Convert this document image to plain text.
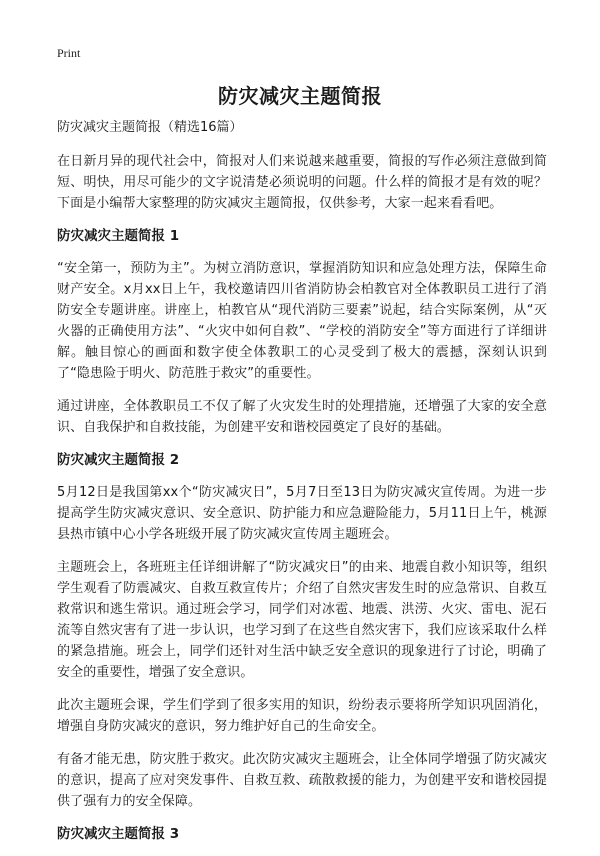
Print
防灾减灾主题简报

防灾减灾主题简报（精选16篇）

在日新月异的现代社会中，简报对人们来说越来越重要，简报的写作必须注意做到简短、明快，用尽可能少的文字说清楚必须说明的问题。什么样的简报才是有效的呢？下面是小编帮大家整理的防灾减灾主题简报，仅供参考，大家一起来看看吧。

防灾减灾主题简报 1

“安全第一，预防为主”。为树立消防意识，掌握消防知识和应急处理方法，保障生命财产安全。x月xx日上午，我校邀请四川省消防协会柏教官对全体教职员工进行了消防安全专题讲座。讲座上，柏教官从“现代消防三要素”说起，结合实际案例，从“灭火器的正确使用方法”、“火灾中如何自救”、“学校的消防安全”等方面进行了详细讲解。触目惊心的画面和数字使全体教职工的心灵受到了极大的震撼，深刻认识到了“隐患险于明火、防范胜于救灾”的重要性。

通过讲座，全体教职员工不仅了解了火灾发生时的处理措施，还增强了大家的安全意识、自我保护和自救技能，为创建平安和谐校园奠定了良好的基础。

防灾减灾主题简报 2

5月12日是我国第xx个“防灾减灾日”，5月7日至13日为防灾减灾宣传周。为进一步提高学生防灾减灾意识、安全意识、防护能力和应急避险能力，5月11日上午，桃源县热市镇中心小学各班级开展了防灾减灾宣传周主题班会。

主题班会上，各班班主任详细讲解了“防灾减灾日”的由来、地震自救小知识等，组织学生观看了防震减灾、自救互救宣传片；介绍了自然灾害发生时的应急常识、自救互救常识和逃生常识。通过班会学习，同学们对冰雹、地震、洪涝、火灾、雷电、泥石流等自然灾害有了进一步认识，也学习到了在这些自然灾害下，我们应该采取什么样的紧急措施。班会上，同学们还针对生活中缺乏安全意识的现象进行了讨论，明确了安全的重要性，增强了安全意识。

此次主题班会课，学生们学到了很多实用的知识，纷纷表示要将所学知识巩固消化，增强自身防灾减灾的意识，努力维护好自己的生命安全。

有备才能无患，防灾胜于救灾。此次防灾减灾主题班会，让全体同学增强了防灾减灾的意识，提高了应对突发事件、自救互救、疏散救援的能力，为创建平安和谐校园提供了强有力的安全保障。

防灾减灾主题简报 3
